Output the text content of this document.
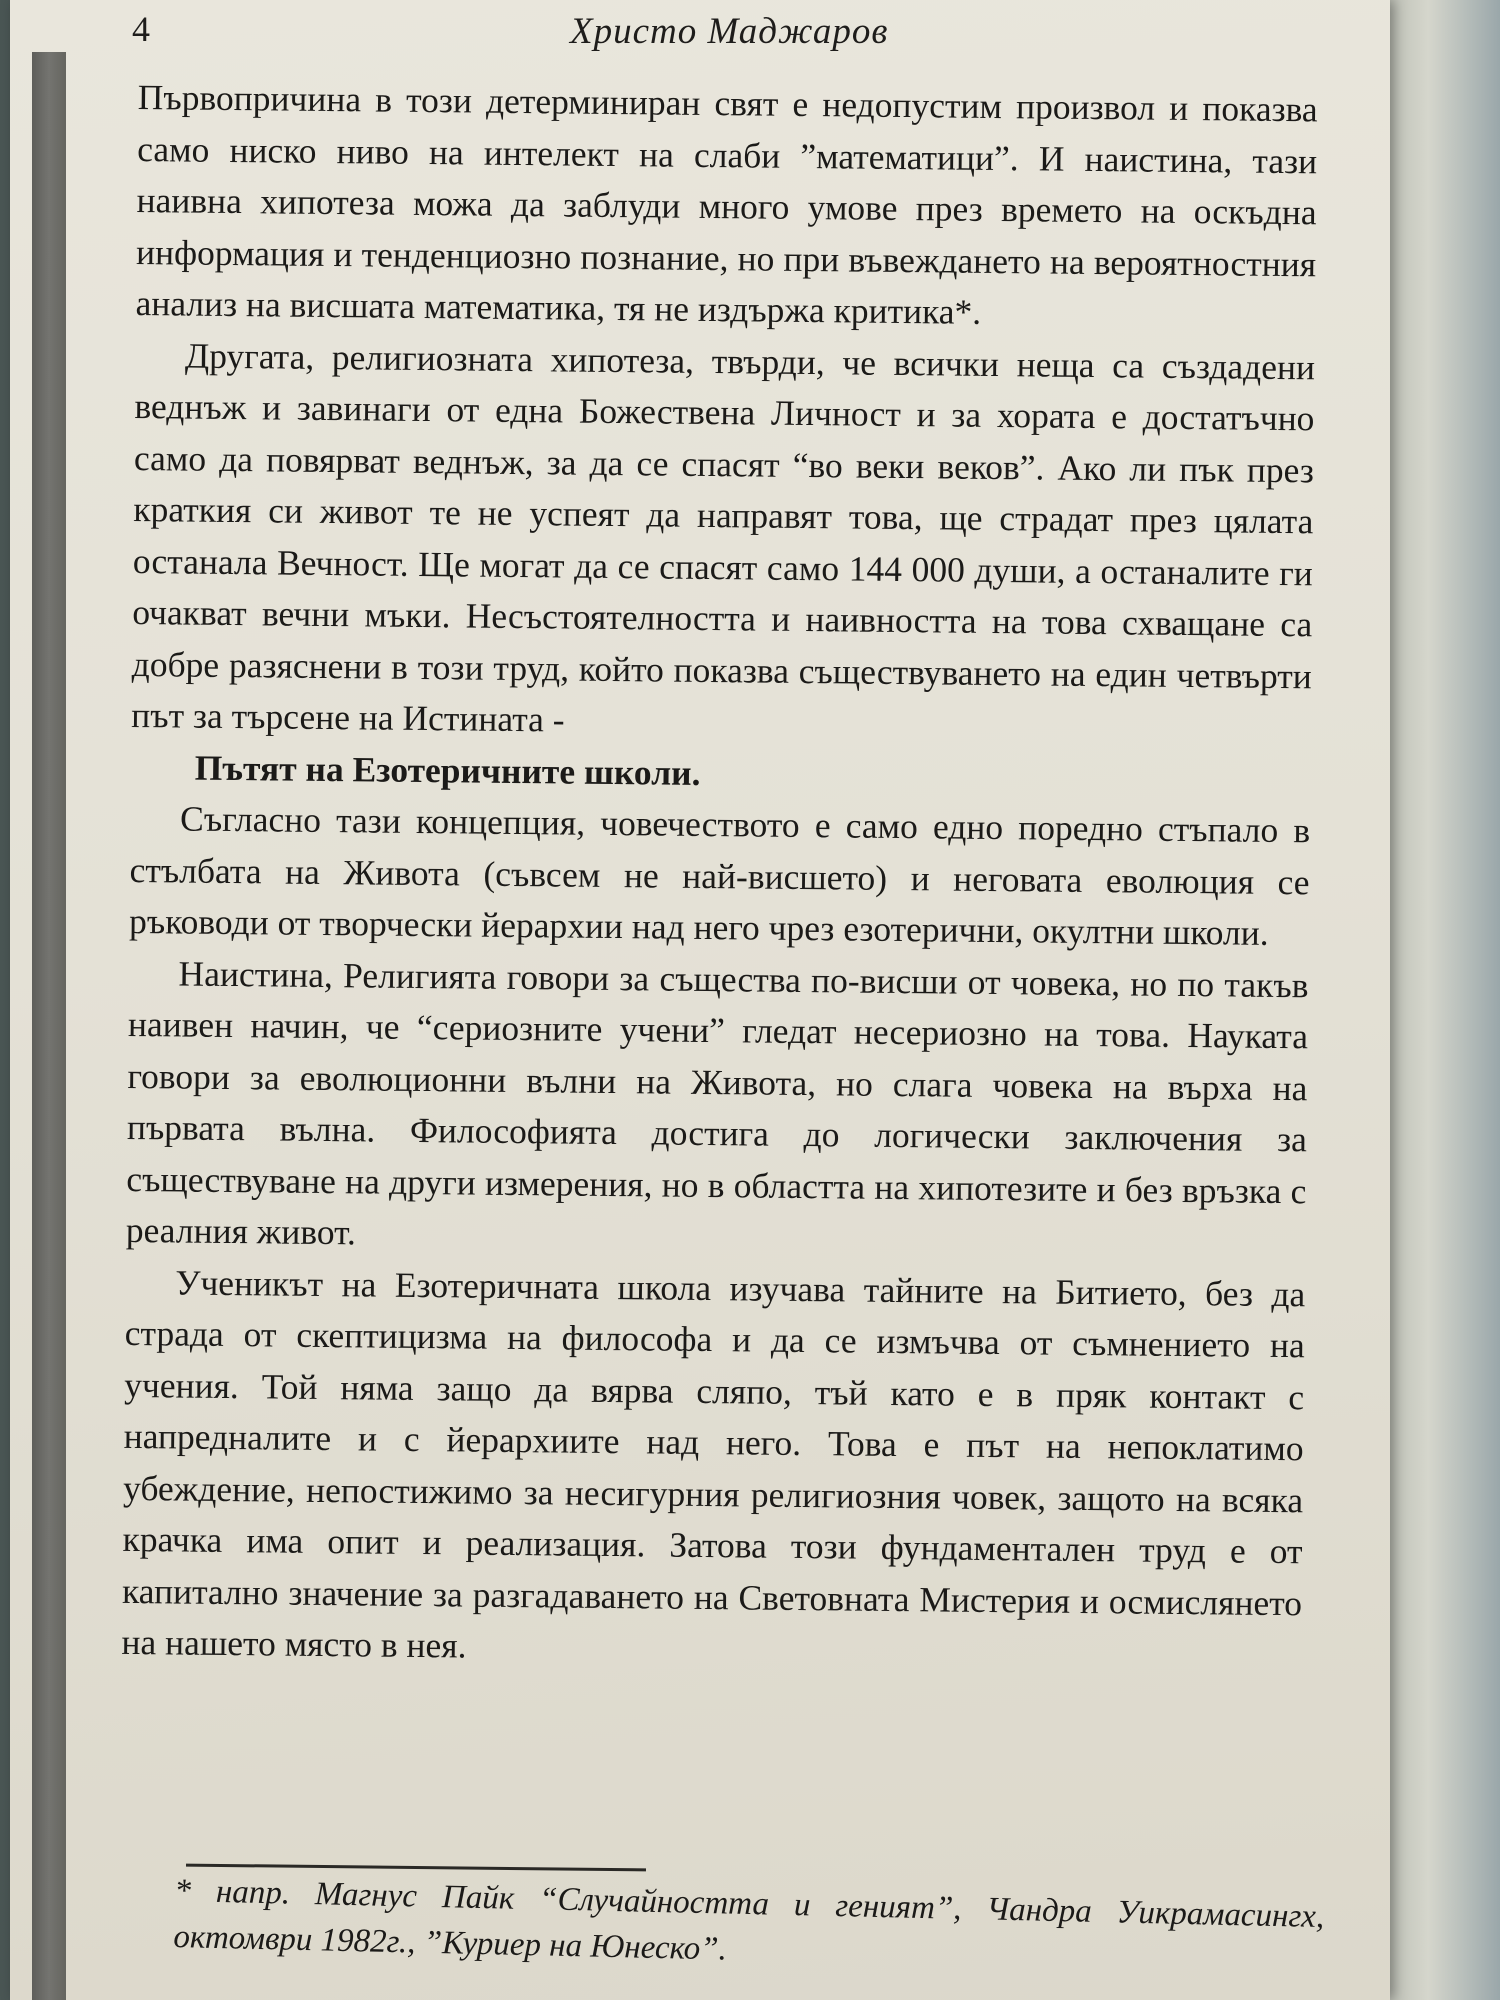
4	Христо Маджаров

Първопричина в този детерминиран свят е недопустим произвол и показва само ниско ниво на интелект на слаби ”математици”. И наистина, тази наивна хипотеза можа да заблуди много умове през времето на оскъдна информация и тенденциозно познание, но при въвеждането на вероятностния анализ на висшата математика, тя не издържа критика*.

Другата, религиозната хипотеза, твърди, че всички неща са създадени веднъж и завинаги от една Божествена Личност и за хората е достатъчно само да повярват веднъж, за да се спасят “во веки веков”. Ако ли пък през краткия си живот те не успеят да направят това, ще страдат през цялата останала Вечност. Ще могат да се спасят само 144 000 души, а останалите ги очакват вечни мъки. Несъстоятелността и наивността на това схващане са добре разяснени в този труд, който показва съществуването на един четвърти път за търсене на Истината -

Пътят на Езотеричните школи.

Съгласно тази концепция, човечеството е само едно поредно стъпало в стълбата на Живота (съвсем не най-висшето) и неговата еволюция се ръководи от творчески йерархии над него чрез езотерични, окултни школи.

Наистина, Религията говори за същества по-висши от човека, но по такъв наивен начин, че “сериозните учени” гледат несериозно на това. Науката говори за еволюционни вълни на Живота, но слага човека на върха на първата вълна. Философията достига до логически заключения за съществуване на други измерения, но в областта на хипотезите и без връзка с реалния живот.

Ученикът на Езотеричната школа изучава тайните на Битието, без да страда от скептицизма на философа и да се измъчва от съмнението на учения. Той няма защо да вярва сляпо, тъй като е в пряк контакт с напредналите и с йерархиите над него. Това е път на непоклатимо убеждение, непостижимо за несигурния религиозния човек, защото на всяка крачка има опит и реализация. Затова този фундаментален труд е от капитално значение за разгадаването на Световната Мистерия и осмислянето на нашето място в нея.

* напр. Магнус Пайк “Случайността и геният”, Чандра Уикрамасингх, октомври 1982г., ”Куриер на Юнеско”.
